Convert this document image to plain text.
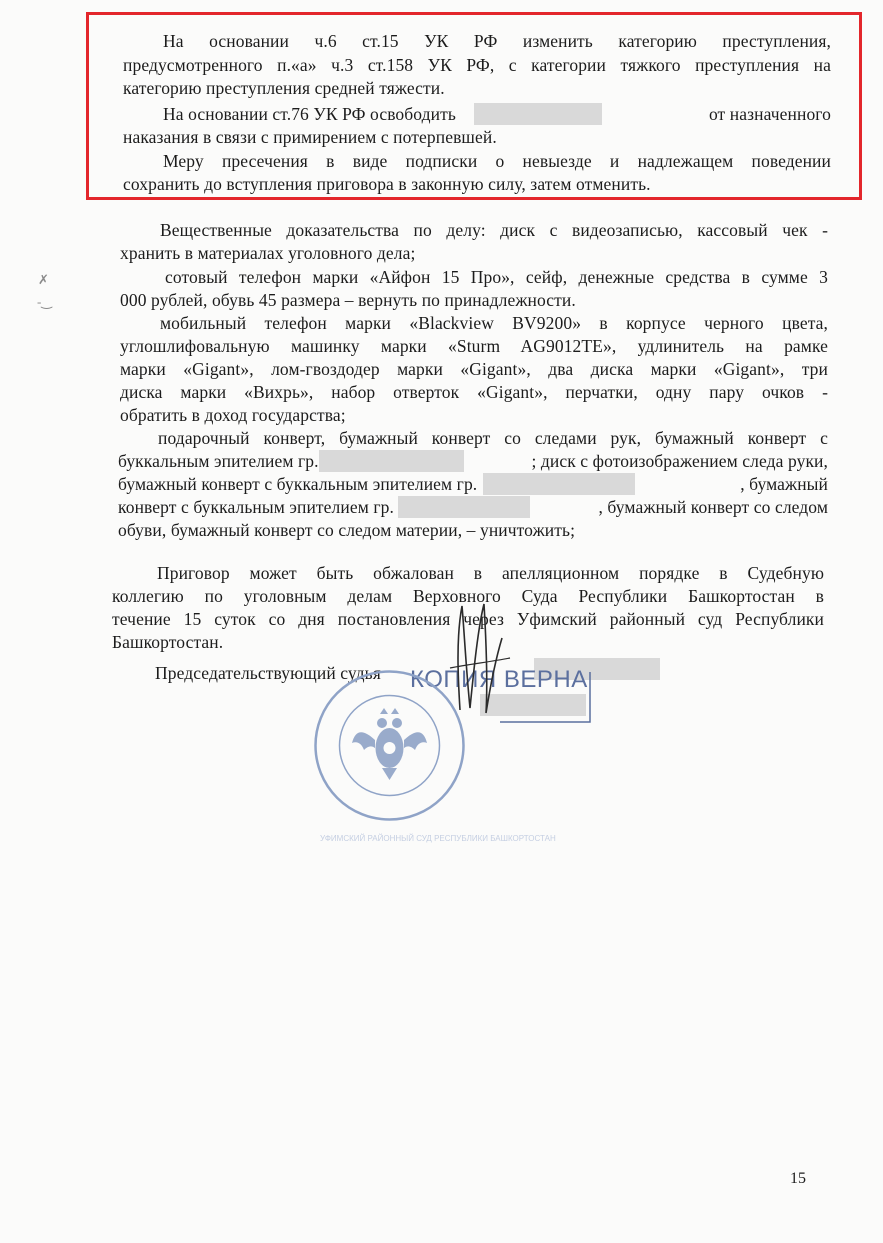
На основании ч.6 ст.15 УК РФ изменить категорию преступления,
предусмотренного п.«а» ч.3 ст.158 УК РФ, с категории тяжкого преступления на
категорию преступления средней тяжести.
На основании ст.76 УК РФ освободить	от назначенного
наказания в связи с примирением с потерпевшей.
Меру пресечения в виде подписки о невыезде и надлежащем поведении
сохранить до вступления приговора в законную силу, затем отменить.
Вещественные доказательства по делу: диск с видеозаписью, кассовый чек -
хранить в материалах уголовного дела;
сотовый телефон марки «Айфон 15 Про», сейф, денежные средства в сумме 3
000 рублей, обувь 45 размера – вернуть по принадлежности.
мобильный телефон марки «Blackview BV9200» в корпусе черного цвета,
углошлифовальную машинку марки «Sturm AG9012TE», удлинитель на рамке
марки «Gigant», лом-гвоздодер марки «Gigant», два диска марки «Gigant», три
диска марки «Вихрь», набор отверток «Gigant», перчатки, одну пару очков -
обратить в доход государства;
подарочный конверт, бумажный конверт со следами рук, бумажный конверт с
буккальным эпителием гр.	; диск с фотоизображением следа руки,
бумажный конверт с буккальным эпителием гр.	, бумажный
конверт с буккальным эпителием гр.	, бумажный конверт со следом
обуви, бумажный конверт со следом материи, – уничтожить;
Приговор может быть обжалован в апелляционном порядке в Судебную
коллегию по уголовным делам Верховного Суда Республики Башкортостан в
течение 15 суток со дня постановления через Уфимский районный суд Республики
Башкортостан.
Председательствующий судья КОПИЯ ВЕРНА
УФИМСКИЙ РАЙОННЫЙ СУД РЕСПУБЛИКИ БАШКОРТОСТАН
✗
-‿
15
